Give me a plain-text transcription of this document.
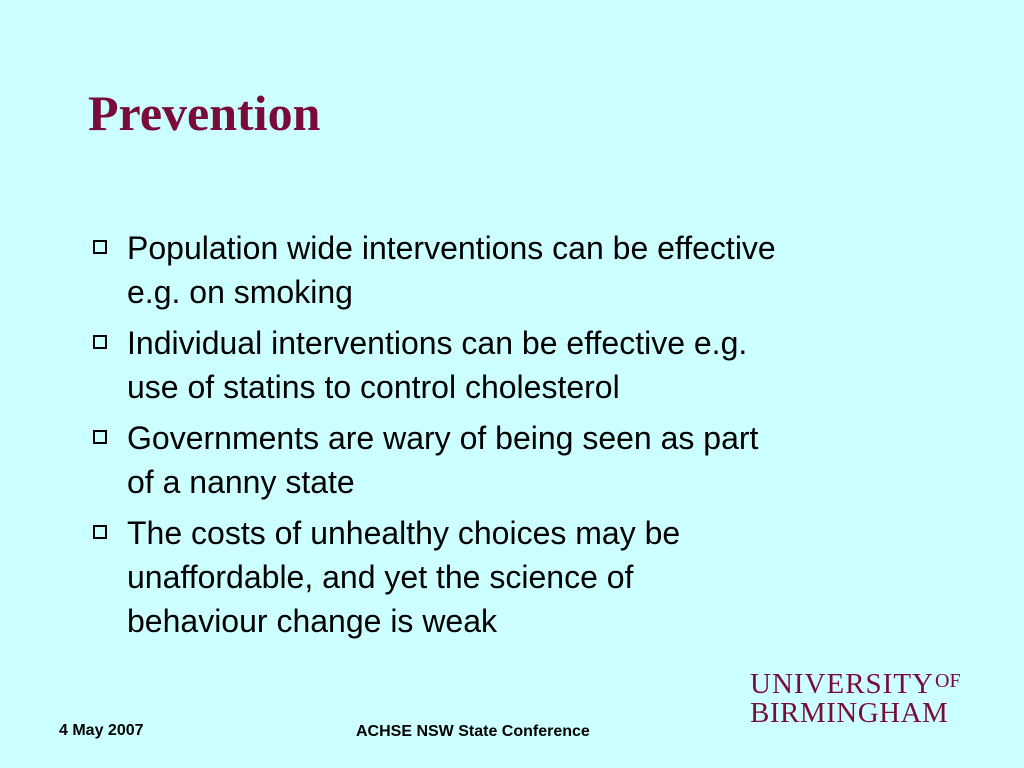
Prevention
Population wide interventions can be effective
e.g. on smoking
Individual interventions can be effective e.g.
use of statins to control cholesterol
Governments are wary of being seen as part
of a nanny state
The costs of unhealthy choices may be
unaffordable, and yet the science of
behaviour change is weak
$UNIVERSITY^{OF}$
BIRMINGHAM
4 May 2007	ACHSE NSW State Conference
